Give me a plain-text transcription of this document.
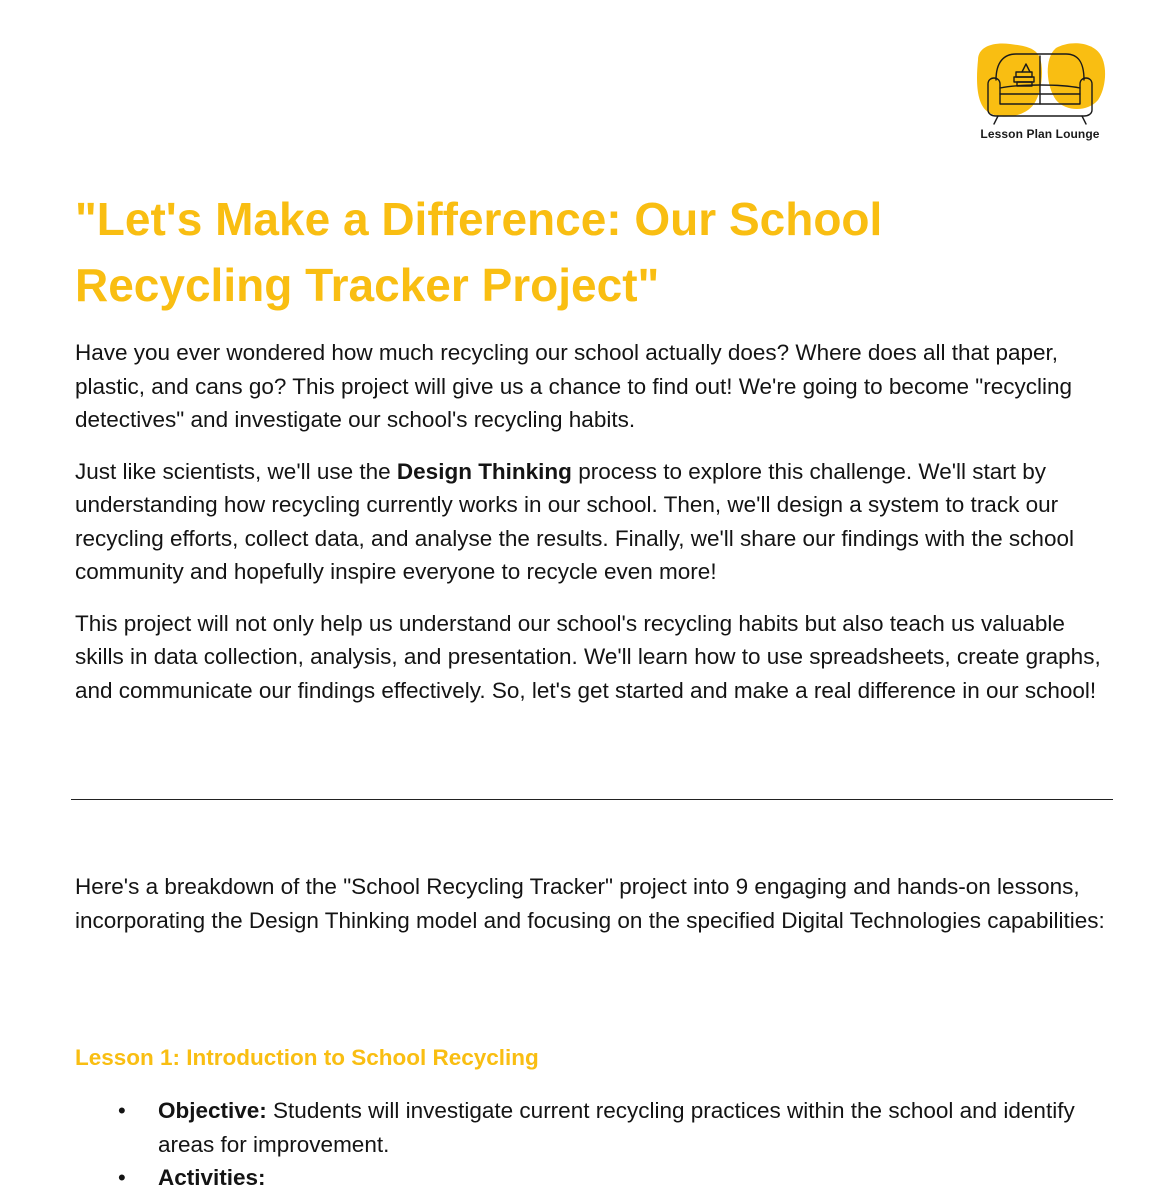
Lesson Plan Lounge
"Let's Make a Difference: Our School Recycling Tracker Project"

Have you ever wondered how much recycling our school actually does? Where does all that paper, plastic, and cans go? This project will give us a chance to find out! We're going to become "recycling detectives" and investigate our school's recycling habits.

Just like scientists, we'll use the Design Thinking process to explore this challenge. We'll start by understanding how recycling currently works in our school. Then, we'll design a system to track our recycling efforts, collect data, and analyse the results. Finally, we'll share our findings with the school community and hopefully inspire everyone to recycle even more!

This project will not only help us understand our school's recycling habits but also teach us valuable skills in data collection, analysis, and presentation. We'll learn how to use spreadsheets, create graphs, and communicate our findings effectively. So, let's get started and make a real difference in our school!

Here's a breakdown of the "School Recycling Tracker" project into 9 engaging and hands-on lessons, incorporating the Design Thinking model and focusing on the specified Digital Technologies capabilities:

Lesson 1: Introduction to School Recycling
• Objective: Students will investigate current recycling practices within the school and identify areas for improvement.
• Activities:
